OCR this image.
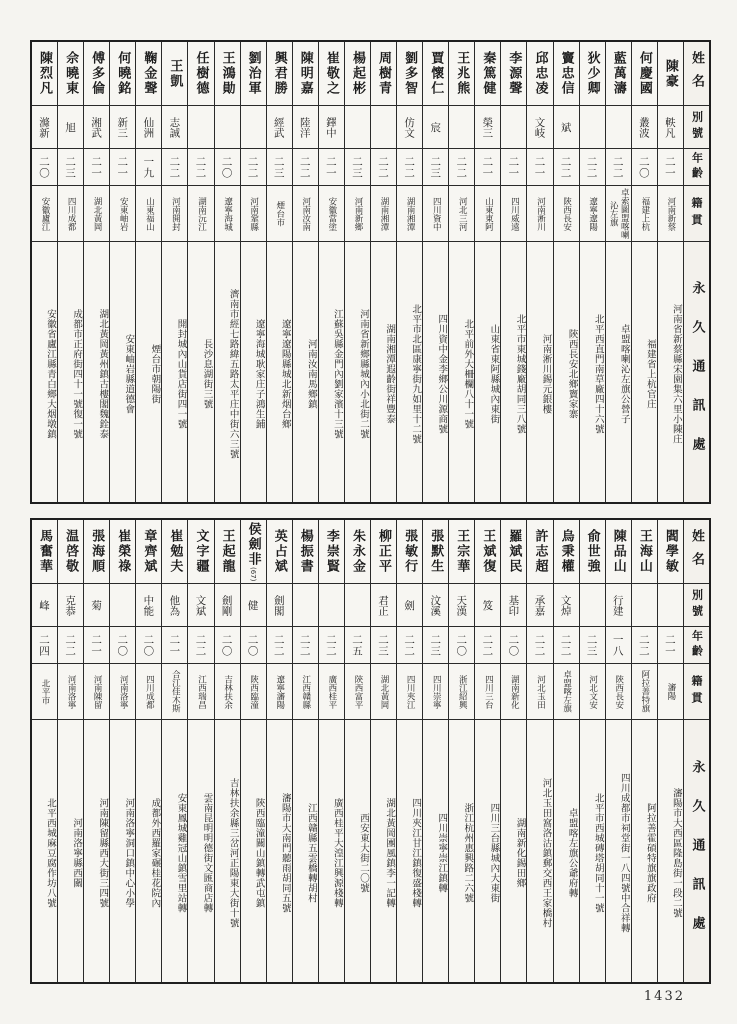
姓名
別號
年齡
籍貫
永久通訊處
陳豪
軼凡
二一
河南新蔡
河南省新蔡縣宋園集六里小陳庄
何慶國
叢波
二〇
福建上杭
福建省上杭官庄
藍萬濤
二二
卓索圖盟喀喇沁左旗
卓盟喀喇沁左旗公營子
狄少卿
二二
遼寧遼陽
北平西直門南草廠四十六號
竇忠信
斌
二二
陝西長安
陝西長安北鄉竇家寨
邱忠凌
文岐
二一
河南淅川
河南淅川錫元銀樓
李源聲
二一
四川威遠
北平市東城錢廠胡同三八號
秦篤健
榮三
二一
山東東阿
山東省東阿縣城內東街
王兆熊
二二
河北三河
北平前外大柵欄八十一號
賈懷仁
宸
二三
四川資中
四川資中金李鄉公川源商號
劉多智
仿文
二二
湖南湘潭
北平市北區康寧街九如里十二號
周樹青
二二
湖南湘潭
湖南湘潭遐齡街祥豐泰
楊起彬
二三
河南新鄉
河南省新鄉縣城內小北街二號
崔敬之
鐸中
二一
安徽當塗
江蘇吳縣金門內劉家濱十三號
陳明嘉
陸洋
二二
河南汝南
河南汝南馬鄉鎮
興君勝
經武
二三
煙台市
遼寧遼陽縣城北新烟台鄉
劉治軍
二二
河南鞏縣
遼寧海城耿家庄子鴻生鋪
王鴻勛
二〇
遼寧海城
濟南市經七路緯五路太平庄中街六三號
任樹德
二二
湖南沅江
長沙息湖街三號
王凱
志誠
二二
河南開封
開封城內山貨店街四一號
鞠金聲
仙洲
一九
山東福山
煙台市朝陽街
何曉銘
新三
二一
安東岫岩
安東岫岩縣道德會
傅多倫
湘武
二一
湖北黃岡
湖北黃岡黃州鎮古樓閣魏銓泰
佘曉東
旭
二三
四川成都
成都市正府街四十一號復一號
陳烈凡
滌新
二〇
安徽廬江
安徽省廬江縣青白鄉大烟墩鎮
姓名
別號
年齡
籍貫
永久通訊處
閻學敏
二一
瀋陽
瀋陽市大西區隆島街一段二號
王海山
二二
阿拉善特旗
阿拉善霍碩特旗旗政府
陳品山
行建
一八
陝西長安
四川成都市祠堂街一八四號中合祥轉
俞世強
二三
河北文安
北平市西城磚塔胡同十一號
烏秉權
文焯
二二
卓盟喀左旗
卓盟喀左旗公爺府轉
許志超
承嘉
二二
河北玉田
河北玉田窩洛沽鎮郵交西王家橋村
羅斌民
基印
二〇
湖南新化
湖南新化錫田鄉
王斌復
笈
二二
四川三台
四川三台縣城內大東街
王宗華
天漢
二〇
浙江紹興
浙江杭州惠興路二六號
張默生
汶溪
二三
四川崇寧
四川崇寧崇江鎮轉
張敏行
劍
二二
四川夾江
四川夾江甘江鎮復盛棧轉
柳正平
君正
二三
湖北黃岡
湖北黃岡團風鎮李一記轉
朱永金
二五
陝西富平
西安東大街二〇號
李崇賢
二二
廣西桂平
廣西桂平大湟江興源棧轉
楊振書
二二
江西贛縣
江西贛縣五雲橋轉胡村
英占斌
劍閣
二二
遼寧瀋陽
瀋陽市大南門聽雨胡同五號
侯劍非
(67)
健
二〇
陝西臨潼
陝西臨潼關山鎮轉武屯鎮
王起龍
劍剛
二〇
吉林扶余
吉林扶余縣三岔河正陽東大街十號
文字疆
文斌
二二
江西瑞昌
雲南昆明明德街文匯商店轉
崔勉夫
他為
二一
合江佳木斯
安東鳳城雞冠山鎮雪里站轉
章齊斌
中能
二〇
四川成都
成都外西羅家碾桂花院內
崔榮祿
二〇
河南洛寧
河南洛寧洞口鎮中心小學
張海順
菊
二一
河南陳留
河南陳留縣西大街三四號
温啓敬
克恭
二二
河南洛寧
河南洛寧縣西關
馬奮華
峰
二四
北平市
北平西城麻豆腐作坊八號
1432
